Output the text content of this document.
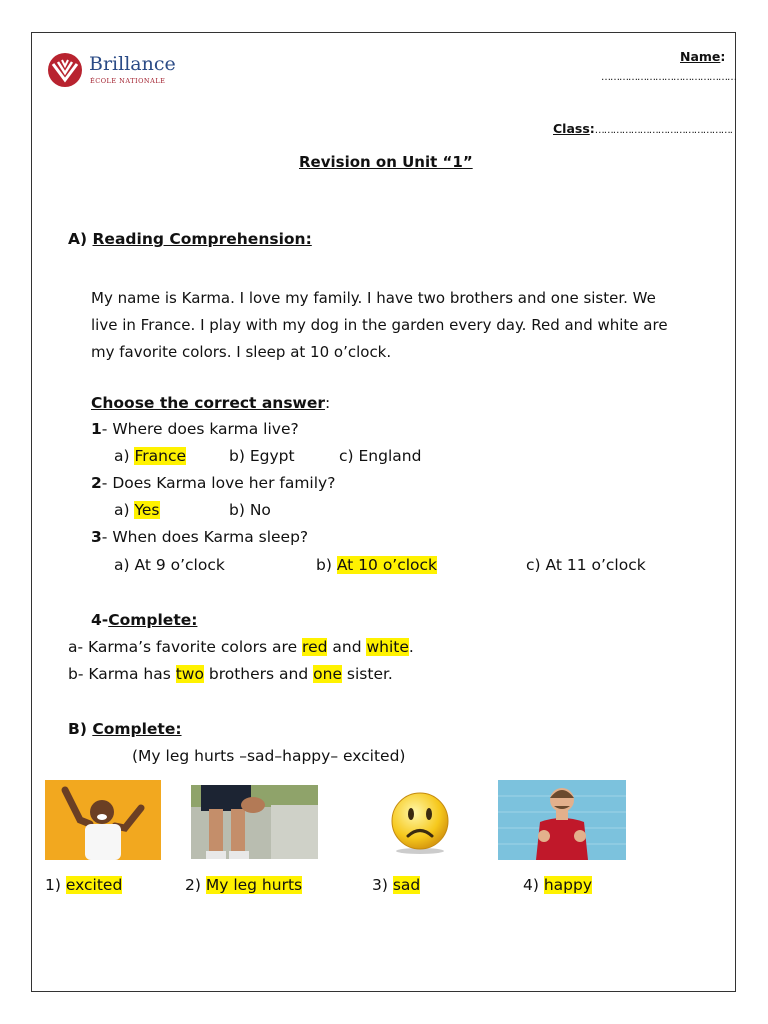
Brillance
ÉCOLE NATIONALE
Name:
………………………………………
Class:……………………………………….
Revision on Unit “1”
A) Reading Comprehension:
My name is Karma. I love my family. I have two brothers and one sister. We
live in France. I play with my dog in the garden every day. Red and white are
my favorite colors. I sleep at 10 o’clock.
Choose the correct answer:
1- Where does karma live?
a) France	b) Egypt	c) England
2- Does Karma love her family?
a) Yes	b) No
3- When does Karma sleep?
a) At 9 o’clock	b) At 10 o’clock	c) At 11 o’clock
4-Complete:
a- Karma’s favorite colors are red and white.
b- Karma has two brothers and one sister.
B) Complete:
(My leg hurts –sad–happy– excited)
1) excited	2) My leg hurts	3) sad	4) happy
